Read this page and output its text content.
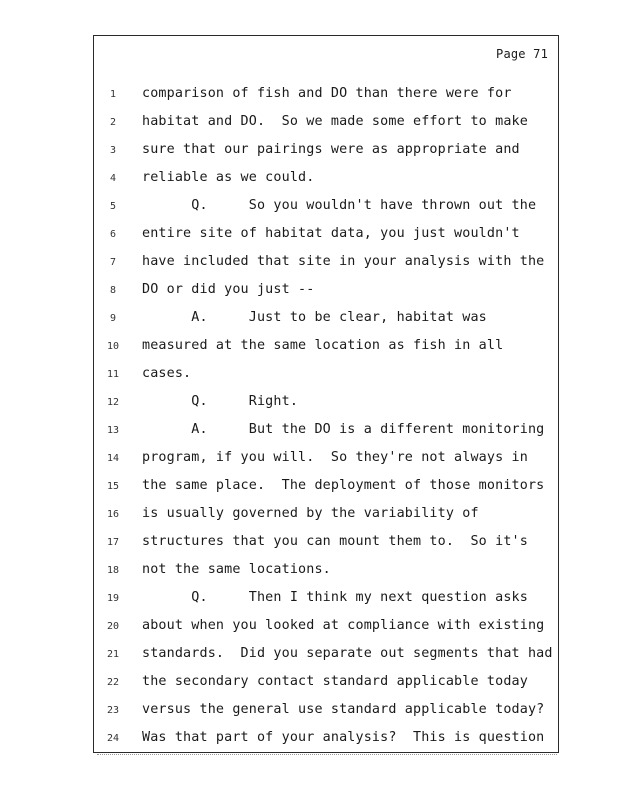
Page 71
1	comparison of fish and DO than there were for
2	habitat and DO.  So we made some effort to make
3	sure that our pairings were as appropriate and
4	reliable as we could.
5	Q.     So you wouldn't have thrown out the
6	entire site of habitat data, you just wouldn't
7	have included that site in your analysis with the
8	DO or did you just --
9	A.     Just to be clear, habitat was
10 measured at the same location as fish in all
11 cases.
12 Q.     Right.
13 A.     But the DO is a different monitoring
14 program, if you will.  So they're not always in
15 the same place.  The deployment of those monitors
16 is usually governed by the variability of
17 structures that you can mount them to.  So it's
18 not the same locations.
19 Q.     Then I think my next question asks
20 about when you looked at compliance with existing
21 standards.  Did you separate out segments that had
22 the secondary contact standard applicable today
23 versus the general use standard applicable today?
24 Was that part of your analysis?  This is question
